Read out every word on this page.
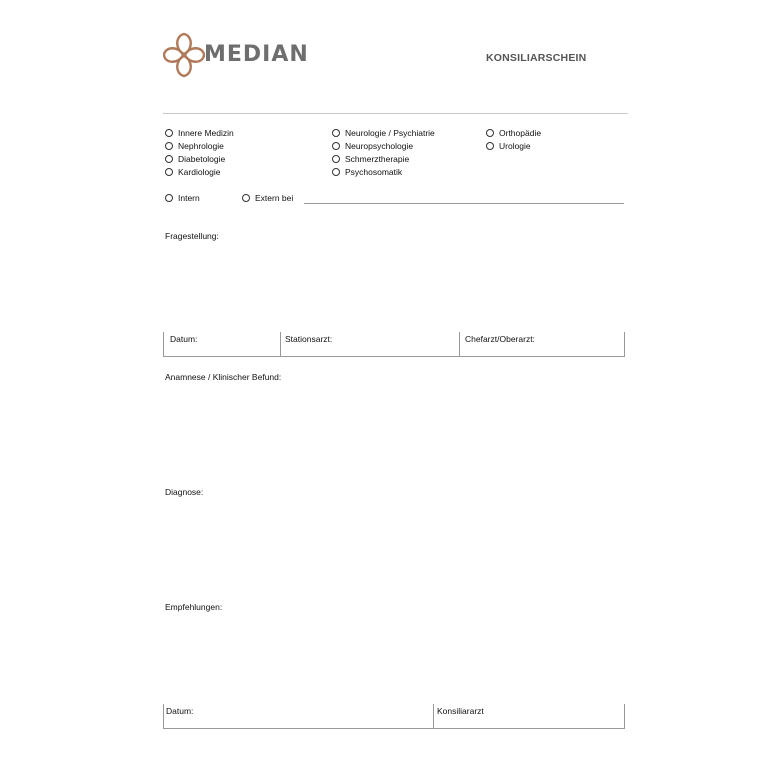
MEDIAN	KONSILIARSCHEIN
Innere Medizin
Nephrologie
Diabetologie
Kardiologie
Neurologie / Psychiatrie
Neuropsychologie
Schmerztherapie
Psychosomatik
Orthopädie
Urologie
Intern	Extern bei
Fragestellung:
Datum:	Stationsarzt:	Chefarzt/Oberarzt:
Anamnese / Klinischer Befund:
Diagnose:
Empfehlungen:
Datum:	Konsiliararzt
